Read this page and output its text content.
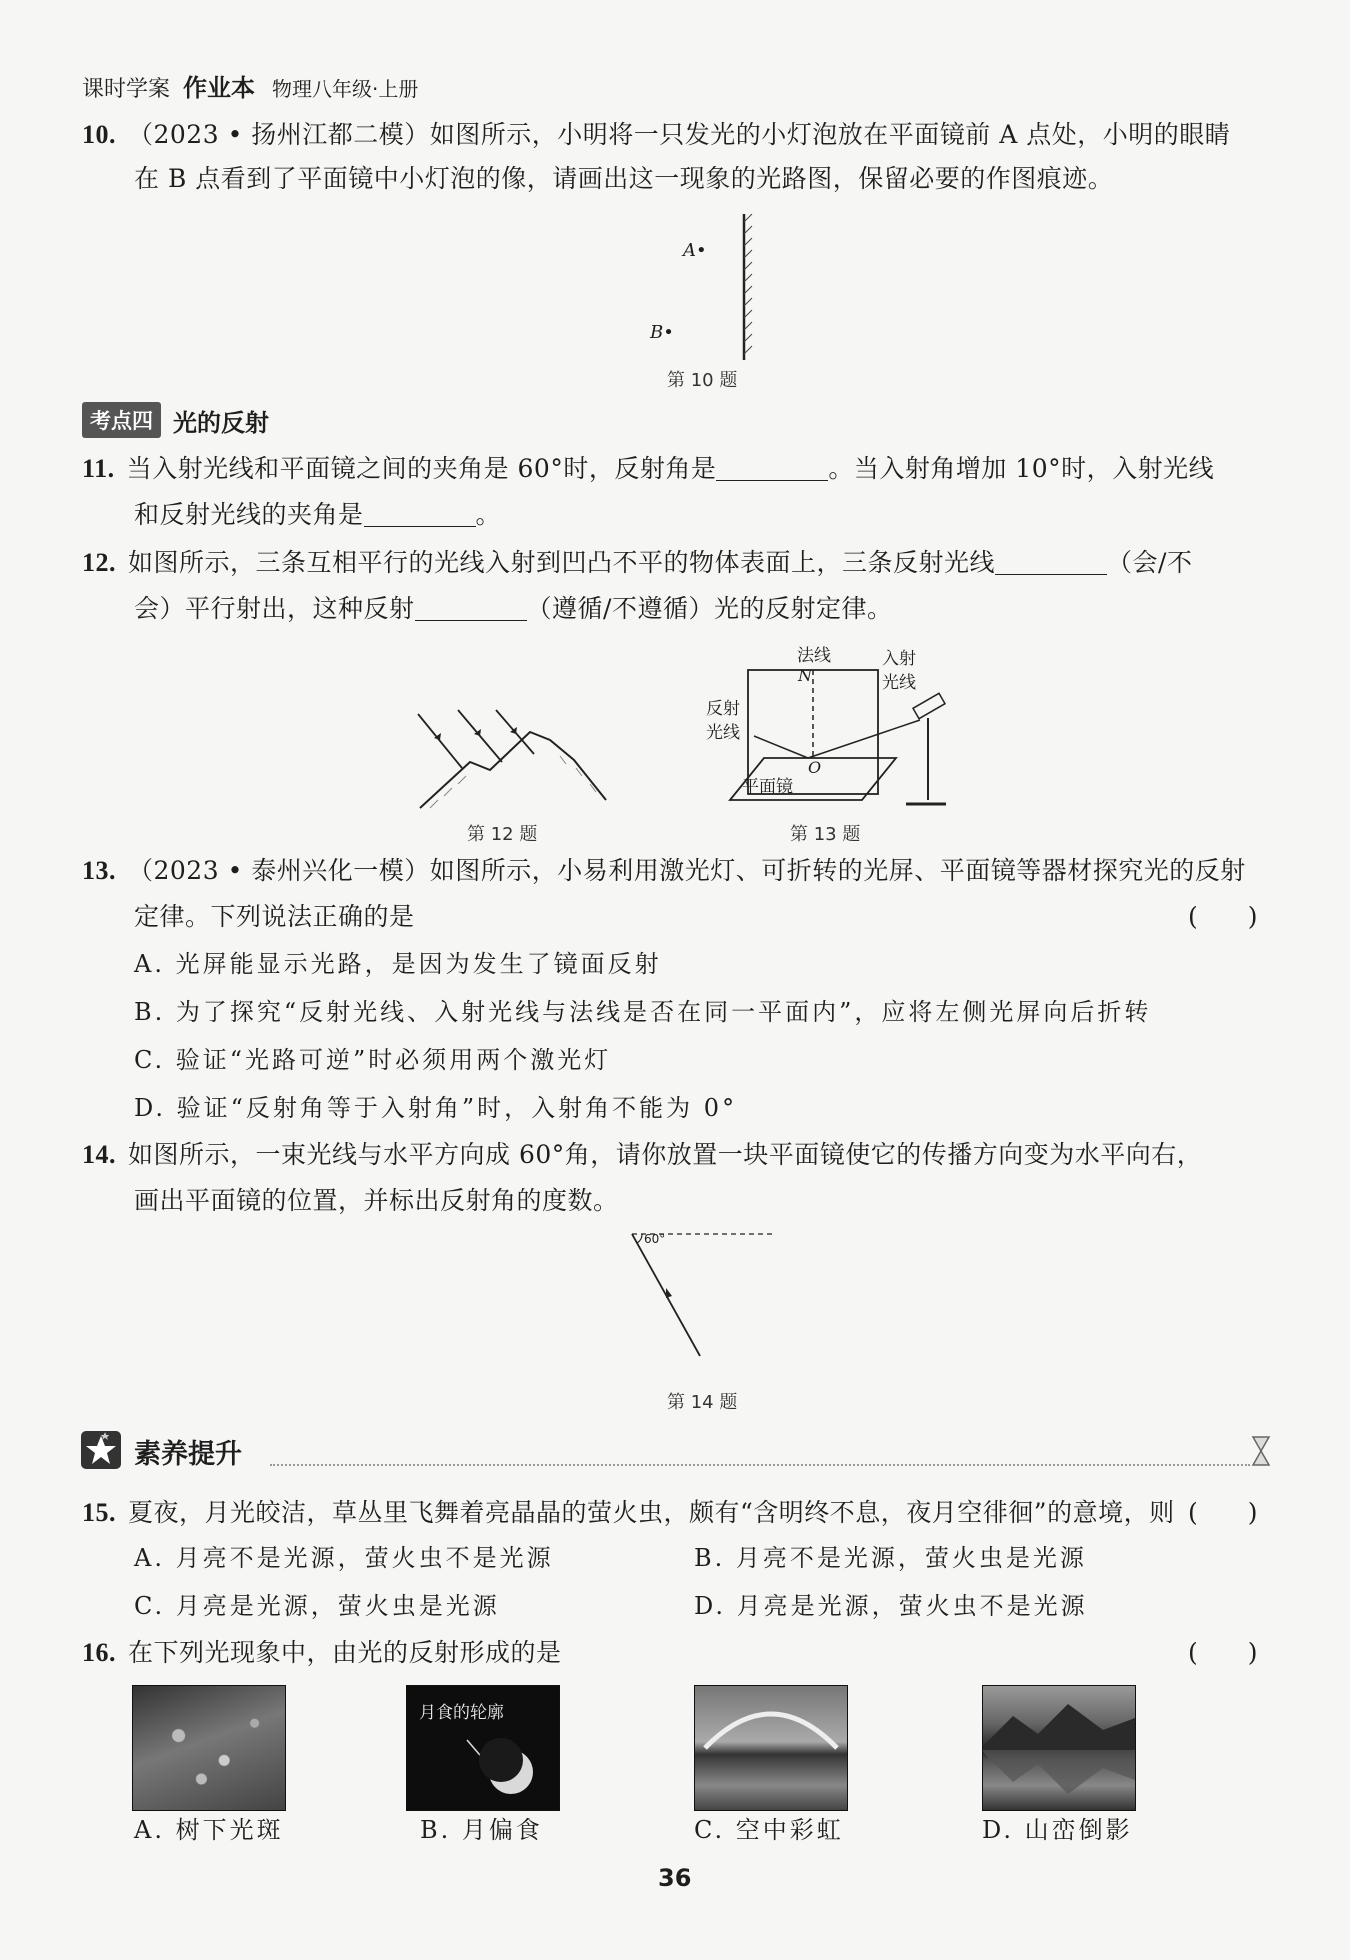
课时学案 作业本 物理八年级·上册
10. （2023 • 扬州江都二模）如图所示，小明将一只发光的小灯泡放在平面镜前 A 点处，小明的眼睛
在 B 点看到了平面镜中小灯泡的像，请画出这一现象的光路图，保留必要的作图痕迹。
A•
B•
第 10 题
考点四 光的反射
11. 当入射光线和平面镜之间的夹角是 60°时，反射角是	。当入射角增加 10°时，入射光线
和反射光线的夹角是	。
12. 如图所示，三条互相平行的光线入射到凹凸不平的物体表面上，三条反射光线	（会/不
会）平行射出，这种反射	（遵循/不遵循）光的反射定律。
第 12 题
法线
N
入射
光线
反射
光线
O
平面镜
第 13 题
13. （2023 • 泰州兴化一模）如图所示，小易利用激光灯、可折转的光屏、平面镜等器材探究光的反射
定律。下列说法正确的是	(　　)
A. 光屏能显示光路，是因为发生了镜面反射
B. 为了探究“反射光线、入射光线与法线是否在同一平面内”，应将左侧光屏向后折转
C. 验证“光路可逆”时必须用两个激光灯
D. 验证“反射角等于入射角”时，入射角不能为 0°
14. 如图所示，一束光线与水平方向成 60°角，请你放置一块平面镜使它的传播方向变为水平向右，
画出平面镜的位置，并标出反射角的度数。
60°
第 14 题
素养提升
15. 夏夜，月光皎洁，草丛里飞舞着亮晶晶的萤火虫，颇有“含明终不息，夜月空徘徊”的意境，则 (　　)
A. 月亮不是光源，萤火虫不是光源	B. 月亮不是光源，萤火虫是光源
C. 月亮是光源，萤火虫是光源	D. 月亮是光源，萤火虫不是光源
16. 在下列光现象中，由光的反射形成的是	(　　)
月食的轮廓
A. 树下光斑	B. 月偏食	C. 空中彩虹	D. 山峦倒影
36
